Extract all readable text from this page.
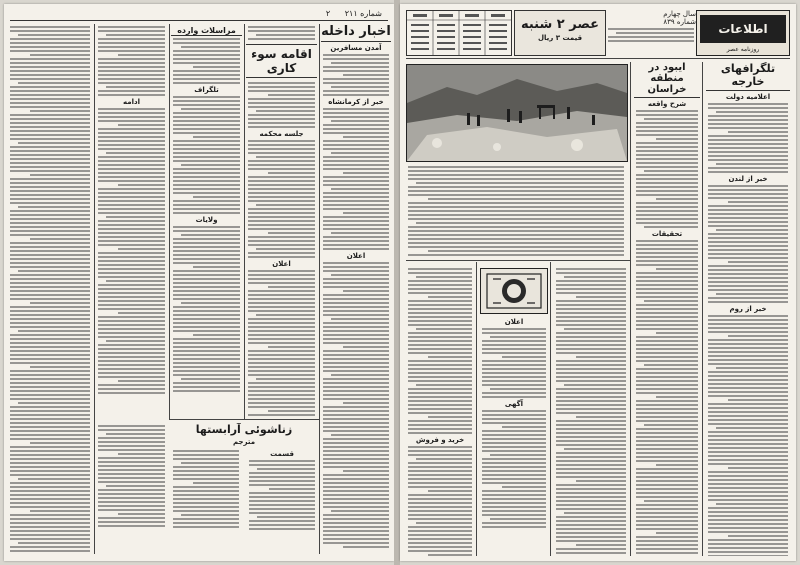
شماره ۲۱۱ ۲
اخبار داخله
آمدن مسافرین
خبر از کرمانشاه
اعلان
اقامه سوء کاری
جلسه محکمه
اعلان
مراسلات وارده
تلگراف
ولایات
ادامه
زناشوئی آرابستها
مترجم
قسمت
اطلاعات
روزنامه عصر
سال چهارم
شماره ۸۳۹
عصر ۲ شنبه
قیمت ۳ ریال
تلگرافهای خارجه
اعلامیه دولت
خبر از لندن
خبر از روم
ایبود در منطقه خراسان
شرح واقعه
تحقیقات
اعلان
آگهی
خرید و فروش
